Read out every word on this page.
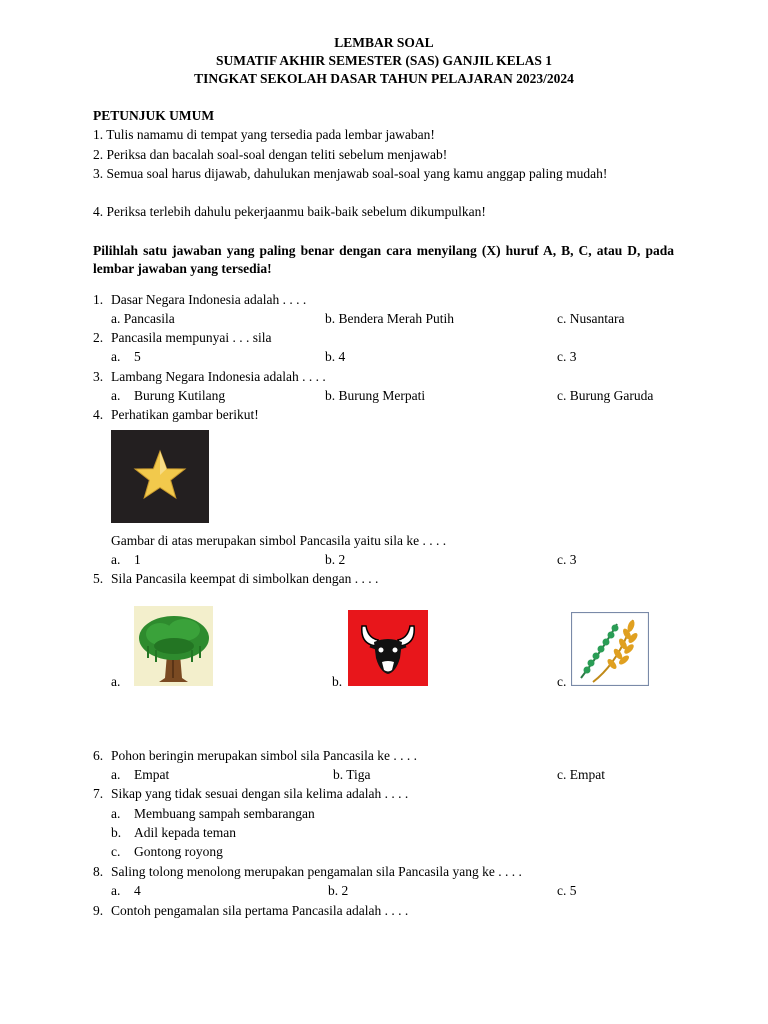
LEMBAR SOAL
SUMATIF AKHIR SEMESTER (SAS) GANJIL KELAS 1
TINGKAT SEKOLAH DASAR TAHUN PELAJARAN 2023/2024
PETUNJUK UMUM
1. Tulis namamu di tempat yang tersedia pada lembar jawaban!
2. Periksa dan bacalah soal-soal dengan teliti sebelum menjawab!
3. Semua soal harus dijawab, dahulukan menjawab soal-soal yang kamu anggap paling mudah!
4. Periksa terlebih dahulu pekerjaanmu baik-baik sebelum dikumpulkan!
Pilihlah satu jawaban yang paling benar dengan cara menyilang (X) huruf A, B, C, atau D, pada lembar jawaban yang tersedia!
1. Dasar Negara Indonesia adalah . . . .
a. Pancasila	b. Bendera Merah Putih	c. Nusantara
2. Pancasila mempunyai . . . sila
a. 5	b. 4	c. 3
3. Lambang Negara Indonesia adalah . . . .
a. Burung Kutilang	b. Burung Merpati	c. Burung Garuda
4. Perhatikan gambar berikut!
Gambar di atas merupakan simbol Pancasila yaitu sila ke . . . .
a. 1	b. 2	c. 3
5. Sila Pancasila keempat di simbolkan dengan . . . .
a.	b.	c.
6. Pohon beringin merupakan simbol sila Pancasila ke . . . .
a. Empat	b. Tiga	c. Empat
7. Sikap yang tidak sesuai dengan sila kelima adalah . . . .
a. Membuang sampah sembarangan
b. Adil kepada teman
c. Gontong royong
8. Saling tolong menolong merupakan pengamalan sila Pancasila yang ke . . . .
a. 4	b. 2	c. 5
9. Contoh pengamalan sila pertama Pancasila adalah . . . .
